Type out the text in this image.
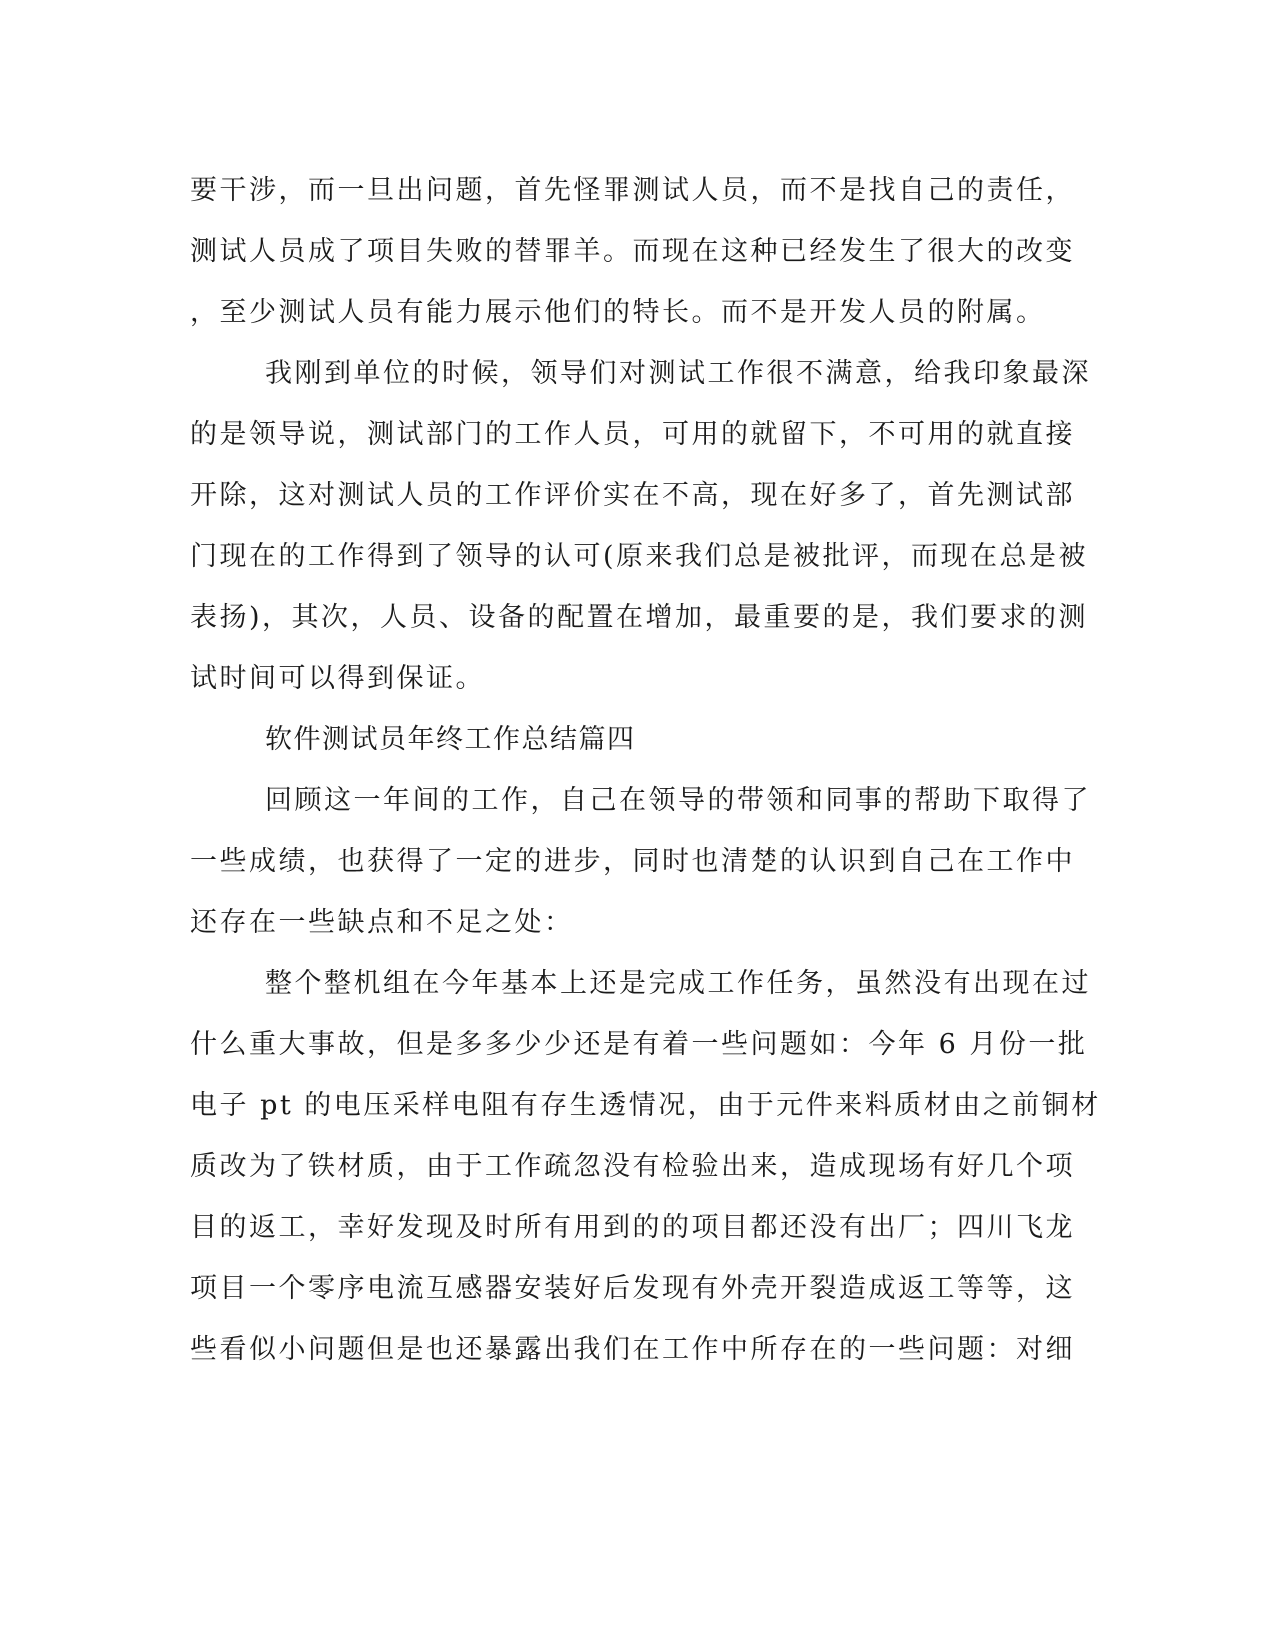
要干涉，而一旦出问题，首先怪罪测试人员，而不是找自己的责任，
测试人员成了项目失败的替罪羊。而现在这种已经发生了很大的改变
，至少测试人员有能力展示他们的特长。而不是开发人员的附属。
我刚到单位的时候，领导们对测试工作很不满意，给我印象最深
的是领导说，测试部门的工作人员，可用的就留下，不可用的就直接
开除，这对测试人员的工作评价实在不高，现在好多了，首先测试部
门现在的工作得到了领导的认可(原来我们总是被批评，而现在总是被
表扬)，其次，人员、设备的配置在增加，最重要的是，我们要求的测
试时间可以得到保证。
软件测试员年终工作总结篇四
回顾这一年间的工作，自己在领导的带领和同事的帮助下取得了
一些成绩，也获得了一定的进步，同时也清楚的认识到自己在工作中
还存在一些缺点和不足之处：
整个整机组在今年基本上还是完成工作任务，虽然没有出现在过
什么重大事故，但是多多少少还是有着一些问题如：今年 6 月份一批
电子 pt 的电压采样电阻有存生透情况，由于元件来料质材由之前铜材
质改为了铁材质，由于工作疏忽没有检验出来，造成现场有好几个项
目的返工，幸好发现及时所有用到的的项目都还没有出厂；四川飞龙
项目一个零序电流互感器安装好后发现有外壳开裂造成返工等等，这
些看似小问题但是也还暴露出我们在工作中所存在的一些问题：对细
